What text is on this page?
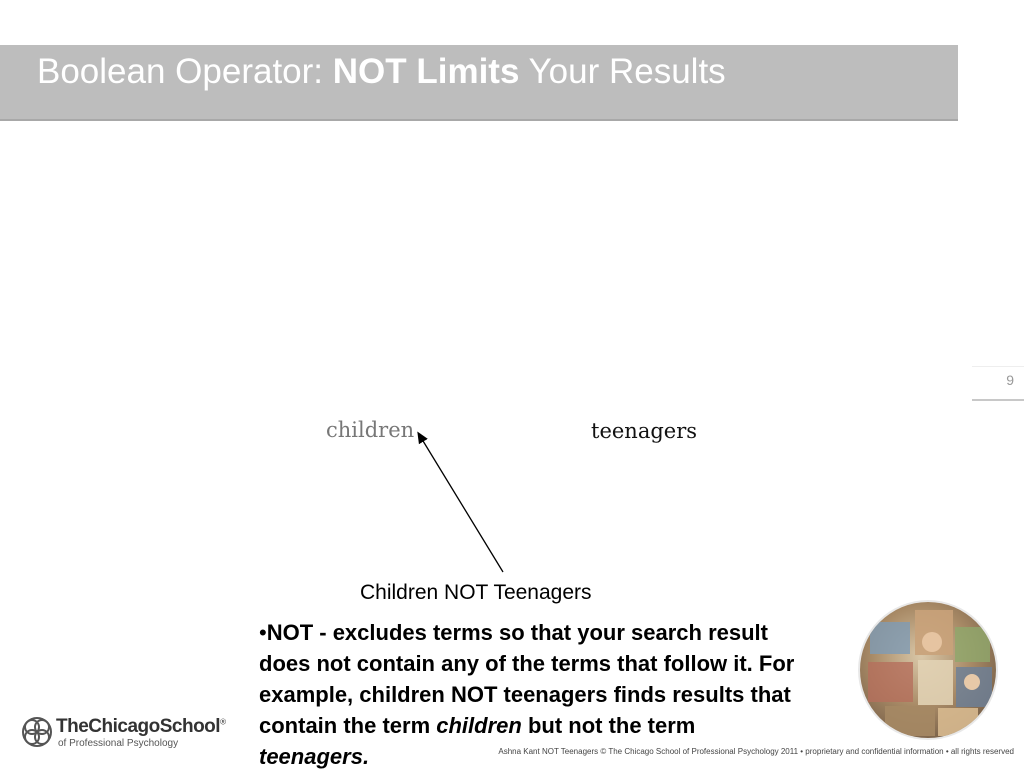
Boolean Operator: NOT Limits Your Results
9
children	teenagers
Children NOT Teenagers
•NOT - excludes terms so that your search result does not contain any of the terms that follow it. For example, children NOT teenagers finds results that contain the term children but not the term teenagers.
TheChicagoSchool®
of Professional Psychology
Ashna Kant NOT Teenagers © The Chicago School of Professional Psychology 2011 • proprietary and confidential information • all rights reserved
